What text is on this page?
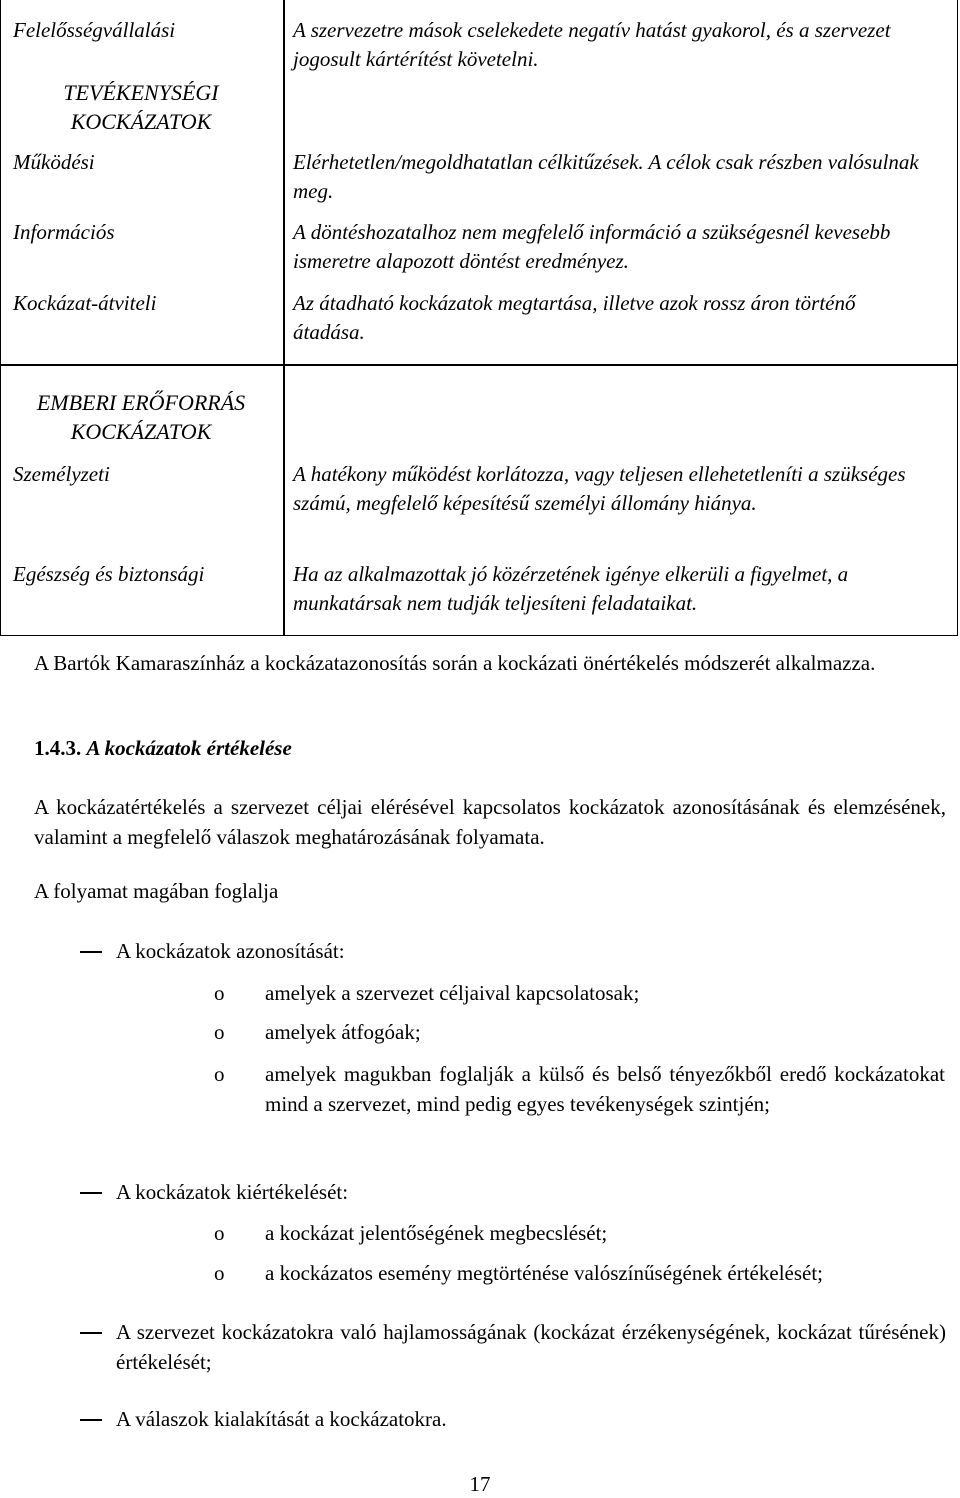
Felelősségvállalási	A szervezetre mások cselekedete negatív hatást gyakorol, és a szervezet jogosult kártérítést követelni.
TEVÉKENYSÉGI KOCKÁZATOK
Működési	Elérhetetlen/megoldhatatlan célkitűzések. A célok csak részben valósulnak meg.
Információs	A döntéshozatalhoz nem megfelelő információ a szükségesnél kevesebb ismeretre alapozott döntést eredményez.
Kockázat-átviteli	Az átadható kockázatok megtartása, illetve azok rossz áron történő átadása.
EMBERI ERŐFORRÁS KOCKÁZATOK
Személyzeti	A hatékony működést korlátozza, vagy teljesen ellehetetleníti a szükséges számú, megfelelő képesítésű személyi állomány hiánya.
Egészség és biztonsági	Ha az alkalmazottak jó közérzetének igénye elkerüli a figyelmet, a munkatársak nem tudják teljesíteni feladataikat.
A Bartók Kamaraszínház a kockázatazonosítás során a kockázati önértékelés módszerét alkalmazza.
1.4.3. A kockázatok értékelése
A kockázatértékelés a szervezet céljai elérésével kapcsolatos kockázatok azonosításának és elemzésének, valamint a megfelelő válaszok meghatározásának folyamata.
A folyamat magában foglalja
A kockázatok azonosítását:
o amelyek a szervezet céljaival kapcsolatosak;
o amelyek átfogóak;
o amelyek magukban foglalják a külső és belső tényezőkből eredő kockázatokat mind a szervezet, mind pedig egyes tevékenységek szintjén;
A kockázatok kiértékelését:
o a kockázat jelentőségének megbecslését;
o a kockázatos esemény megtörténése valószínűségének értékelését;
A szervezet kockázatokra való hajlamosságának (kockázat érzékenységének, kockázat tűrésének) értékelését;
A válaszok kialakítását a kockázatokra.
17
